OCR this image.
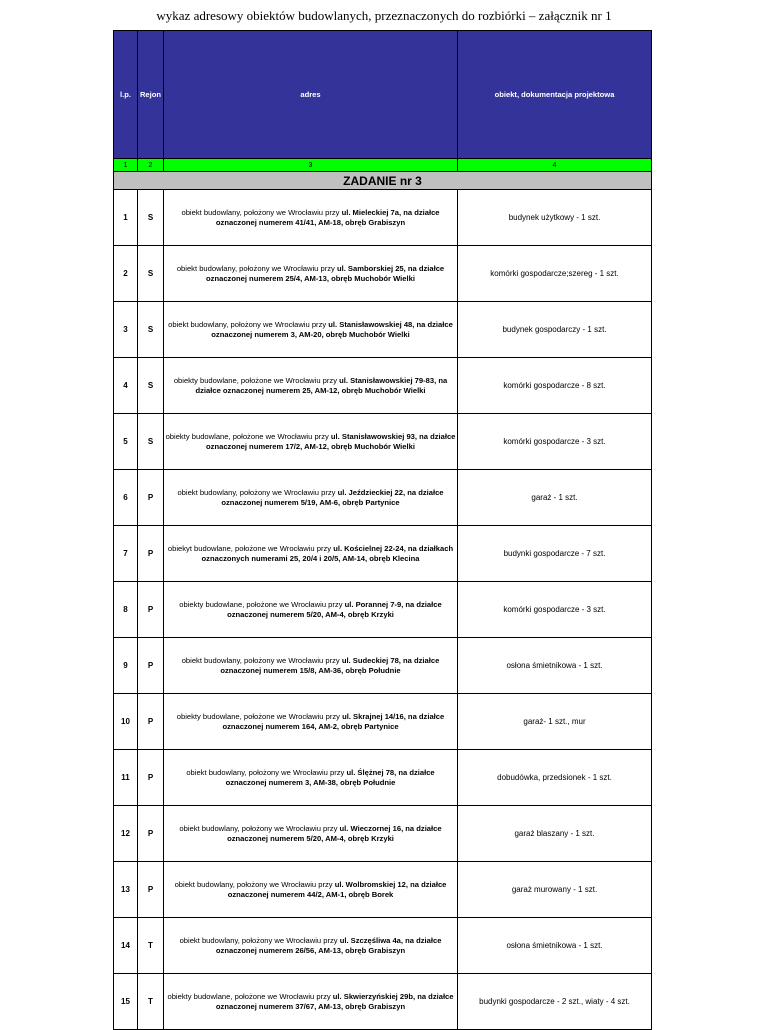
wykaz adresowy obiektów budowlanych, przeznaczonych do rozbiórki – załącznik nr 1
l.p.	Rejon	adres	obiekt, dokumentacja projektowa
1	2	3	4
ZADANIE nr 3			
1	S	obiekt budowlany, położony we Wrocławiu przy ul. Mieleckiej 7a, na działce oznaczonej numerem 41/41, AM-18, obręb Grabiszyn	budynek użytkowy - 1 szt.
2	S	obiekt budowlany, położony we Wrocławiu przy ul. Samborskiej 25, na działce oznaczonej numerem 25/4, AM-13, obręb Muchobór Wielki	komórki gospodarcze;szereg - 1 szt.
3	S	obiekt budowlany, położony we Wrocławiu przy ul. Stanisławowskiej 48, na działce oznaczonej numerem 3, AM-20, obręb Muchobór Wielki	budynek gospodarczy - 1 szt.
4	S	obiekty budowlane, położone we Wrocławiu przy ul. Stanisławowskiej 79-83, na działce oznaczonej numerem 25, AM-12, obręb Muchobór Wielki	komórki gospodarcze - 8 szt.
5	S	obiekty budowlane, położone we Wrocławiu przy ul. Stanisławowskiej 93, na działce oznaczonej numerem 17/2, AM-12, obręb Muchobór Wielki	komórki gospodarcze - 3 szt.
6	P	obiekt budowlany, położony we Wrocławiu przy ul. Jeździeckiej 22, na działce oznaczonej numerem 5/19, AM-6, obręb Partynice	garaż - 1 szt.
7	P	obiekyt budowlane, położone we Wrocławiu przy ul. Kościelnej 22-24, na działkach oznaczonych numerami 25, 20/4 i 20/5, AM-14, obręb Klecina	budynki gospodarcze - 7 szt.
8	P	obiekty budowlane, położone we Wrocławiu przy ul. Porannej 7-9, na działce oznaczonej numerem 5/20, AM-4, obręb Krzyki	komórki gospodarcze - 3 szt.
9	P	obiekt budowlany, położony we Wrocławiu przy ul. Sudeckiej 78, na działce oznaczonej numerem 15/8, AM-36, obręb Południe	osłona śmietnikowa - 1 szt.
10	P	obiekty budowlane, położone we Wrocławiu przy ul. Skrajnej 14/16, na działce oznaczonej numerem 164, AM-2, obręb Partynice	garaż- 1 szt., mur
11	P	obiekt budowlany, położony we Wrocławiu przy ul. Ślężnej 78, na działce oznaczonej numerem 3, AM-38, obręb Południe	dobudówka, przedsionek - 1 szt.
12	P	obiekt budowlany, położony we Wrocławiu przy ul. Wieczornej 16, na działce oznaczonej numerem 5/20, AM-4, obręb Krzyki	garaż blaszany - 1 szt.
13	P	obiekt budowlany, położony we Wrocławiu przy ul. Wolbromskiej 12, na działce oznaczonej numerem 44/2, AM-1, obręb Borek	garaż murowany - 1 szt.
14	T	obiekt budowlany, położony we Wrocławiu przy ul. Szczęśliwa 4a, na działce oznaczonej numerem 26/56, AM-13, obręb Grabiszyn	osłona śmietnikowa - 1 szt.
15	T	obiekty budowlane, położone we Wrocławiu przy ul. Skwierzyńskiej 29b, na działce oznaczonej numerem 37/67, AM-13, obręb Grabiszyn	budynki gospodarcze - 2 szt., wiaty - 4 szt.
